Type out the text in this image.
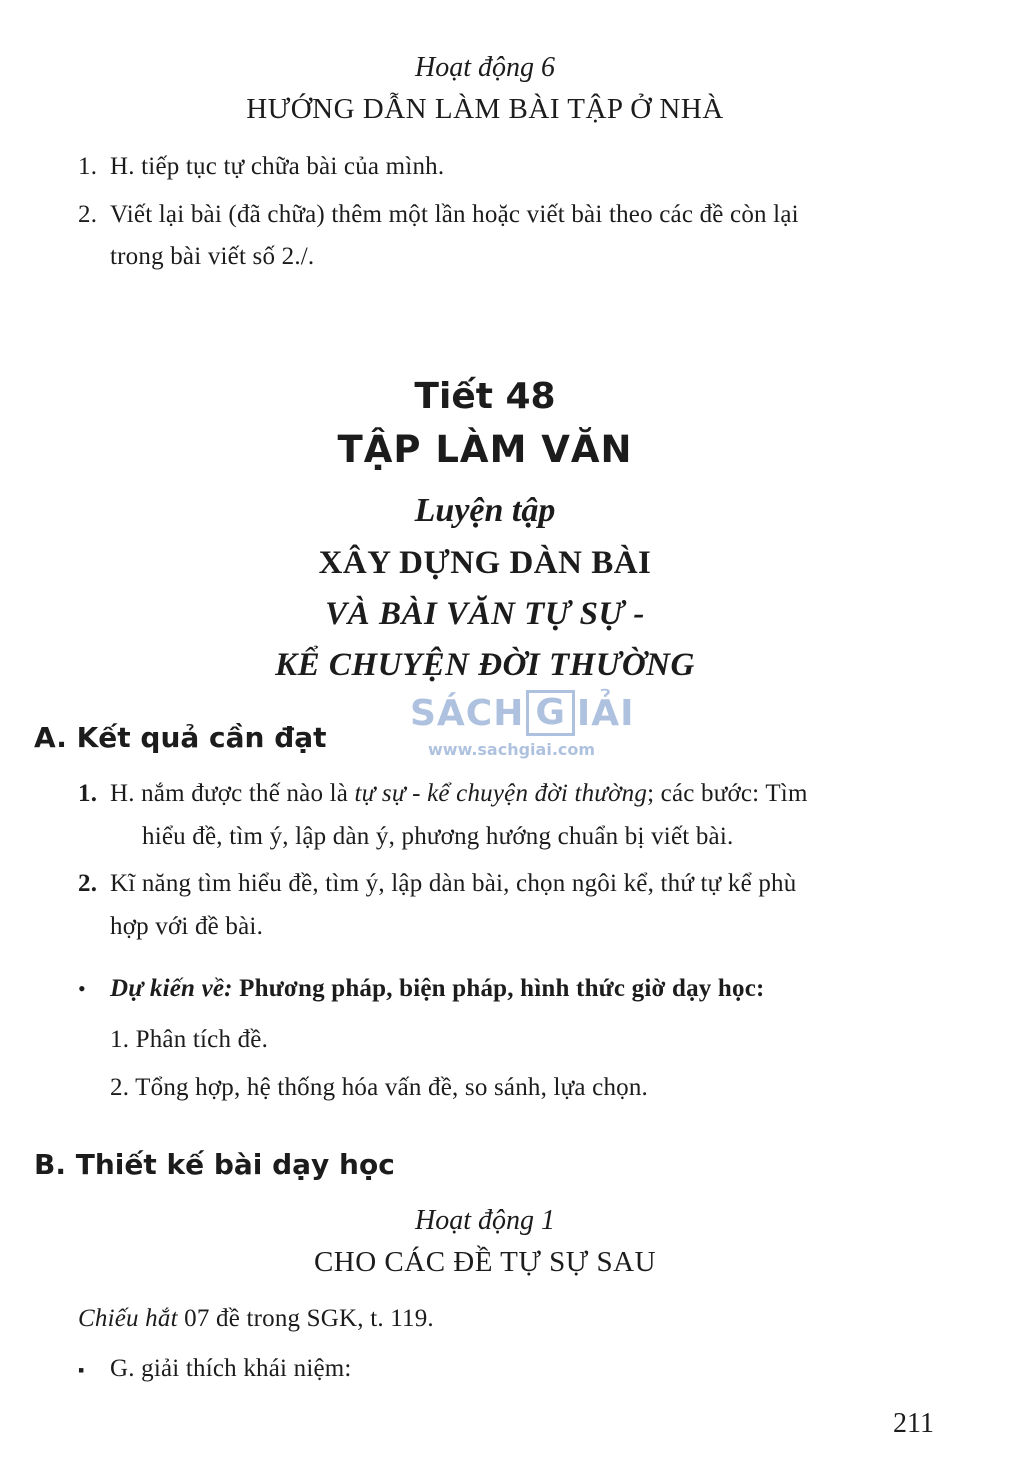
Hoạt động 6
HƯỚNG DẪN LÀM BÀI TẬP Ở NHÀ
1. H. tiếp tục tự chữa bài của mình.
2. Viết lại bài (đã chữa) thêm một lần hoặc viết bài theo các đề còn lại
trong bài viết số 2./.
Tiết 48
TẬP LÀM VĂN
Luyện tập
XÂY DỰNG DÀN BÀI
VÀ BÀI VĂN TỰ SỰ -
KỂ CHUYỆN ĐỜI THƯỜNG
SÁCH G IẢI
www.sachgiai.com
A. Kết quả cần đạt
1. H. nắm được thế nào là tự sự - kể chuyện đời thường; các bước: Tìm
hiểu đề, tìm ý, lập dàn ý, phương hướng chuẩn bị viết bài.
2. Kĩ năng tìm hiểu đề, tìm ý, lập dàn bài, chọn ngôi kể, thứ tự kể phù
hợp với đề bài.
• Dự kiến về: Phương pháp, biện pháp, hình thức giờ dạy học:
1. Phân tích đề.
2. Tổng hợp, hệ thống hóa vấn đề, so sánh, lựa chọn.
B. Thiết kế bài dạy học
Hoạt động 1
CHO CÁC ĐỀ TỰ SỰ SAU
Chiếu hắt 07 đề trong SGK, t. 119.
▪ G. giải thích khái niệm:
211
